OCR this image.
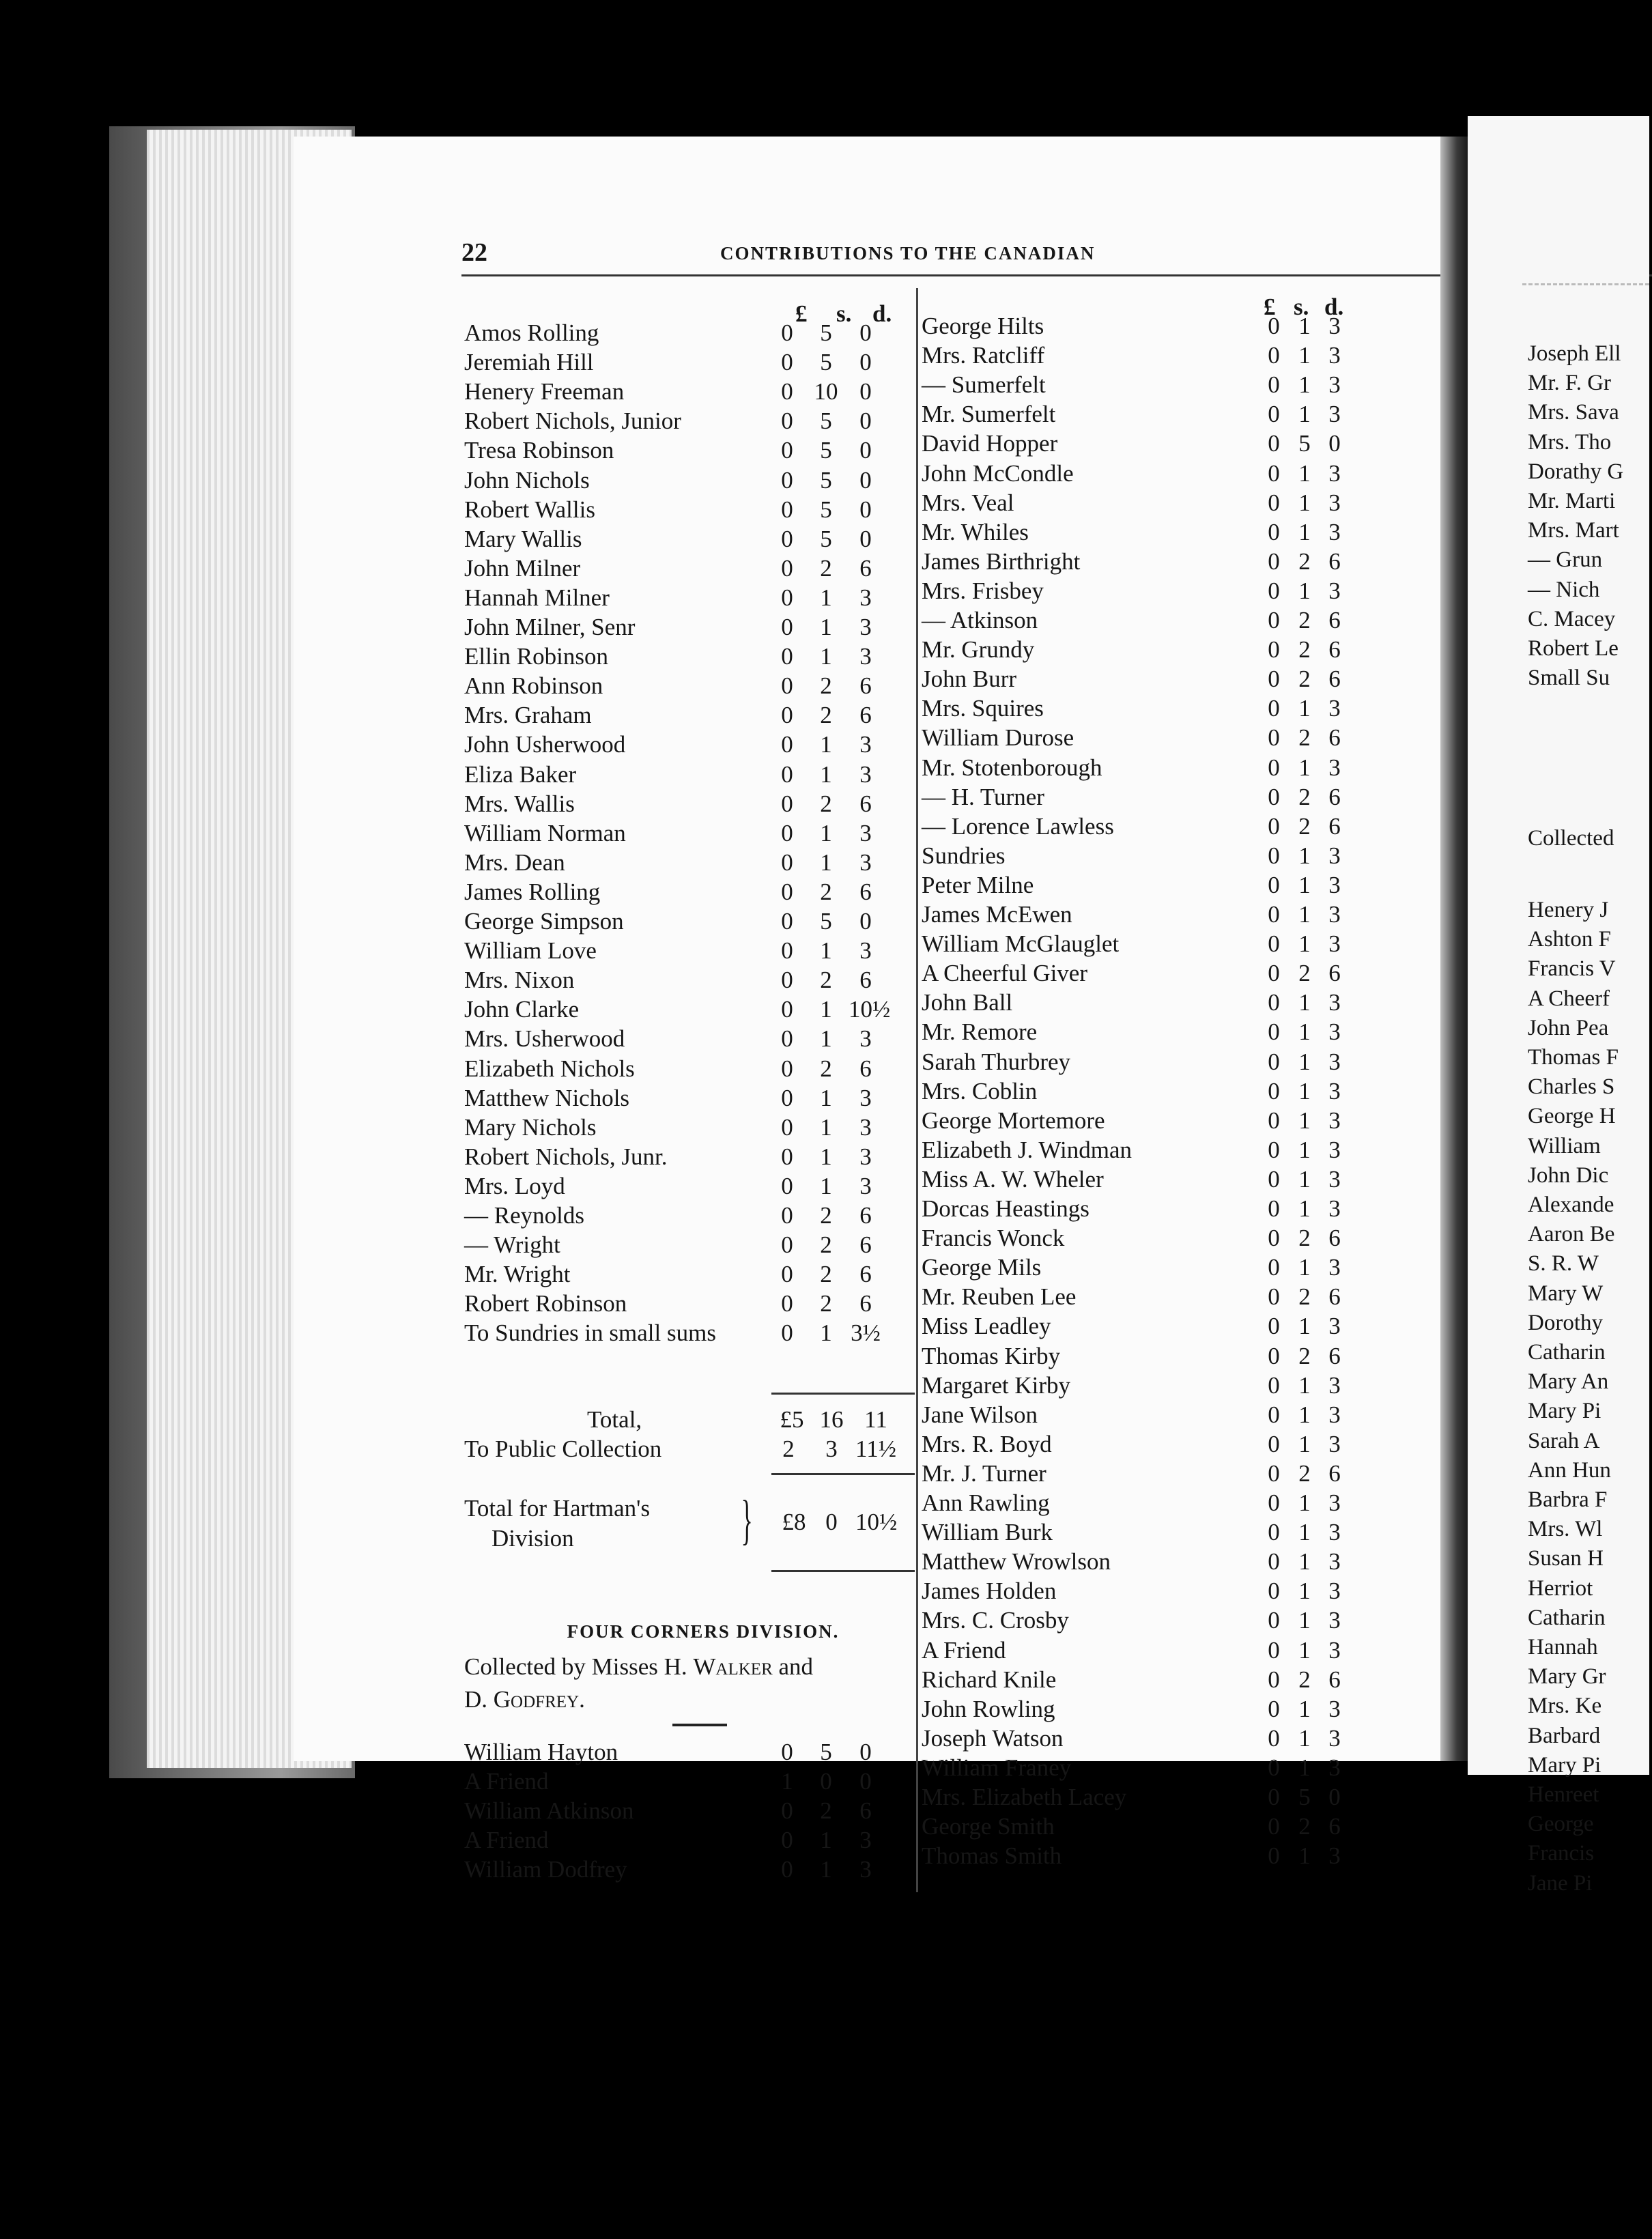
22	CONTRIBUTIONS TO THE CANADIAN
£ s. d.	£ s. d.
Amos Rolling	0	5	0
Jeremiah Hill	0	5	0
Henery Freeman	0 10 0
Robert Nichols, Junior	0	5	0
Tresa Robinson	0	5	0
John Nichols	0	5	0
Robert Wallis	0	5	0
Mary Wallis	0	5	0
John Milner	0	2	6
Hannah Milner	0	1	3
John Milner, Senr	0	1	3
Ellin Robinson	0	1	3
Ann Robinson	0	2	6
Mrs. Graham	0	2	6
John Usherwood	0	1	3
Eliza Baker	0	1	3
Mrs. Wallis	0	2	6
William Norman	0	1	3
Mrs. Dean	0	1	3
James Rolling	0	2	6
George Simpson	0	5	0
William Love	0	1	3
Mrs. Nixon	0	2	6
John Clarke	0	1 10½
Mrs. Usherwood	0	1	3
Elizabeth Nichols	0	2	6
Matthew Nichols	0	1	3
Mary Nichols	0	1	3
Robert Nichols, Junr.	0	1	3
Mrs. Loyd	0	1	3
— Reynolds	0	2	6
— Wright	0	2	6
Mr. Wright	0	2	6
Robert Robinson	0	2	6
To Sundries in small sums	0	1 3½
George Hilts	0 1 3
Mrs. Ratcliff	0 1 3
— Sumerfelt	0 1 3
Mr. Sumerfelt	0 1 3
David Hopper	0 5 0
John McCondle	0 1 3
Mrs. Veal	0 1 3
Mr. Whiles	0 1 3
James Birthright	0 2 6
Mrs. Frisbey	0 1 3
— Atkinson	0 2 6
Mr. Grundy	0 2 6
John Burr	0 2 6
Mrs. Squires	0 1 3
William Durose	0 2 6
Mr. Stotenborough	0 1 3
— H. Turner	0 2 6
— Lorence Lawless	0 2 6
Sundries	0 1 3
Peter Milne	0 1 3
James McEwen	0 1 3
William McGlauglet	0 1 3
A Cheerful Giver	0 2 6
John Ball	0 1 3
Mr. Remore	0 1 3
Sarah Thurbrey	0 1 3
Mrs. Coblin	0 1 3
George Mortemore	0 1 3
Elizabeth J. Windman	0 1 3
Miss A. W. Wheler	0 1 3
Dorcas Heastings	0 1 3
Francis Wonck	0 2 6
George Mils	0 1 3
Mr. Reuben Lee	0 2 6
Miss Leadley	0 1 3
Thomas Kirby	0 2 6
Margaret Kirby	0 1 3
Jane Wilson	0 1 3
Mrs. R. Boyd	0 1 3
Mr. J. Turner	0 2 6
Ann Rawling	0 1 3
William Burk	0 1 3
Matthew Wrowlson	0 1 3
James Holden	0 1 3
Mrs. C. Crosby	0 1 3
A Friend	0 1 3
Richard Knile	0 2 6
John Rowling	0 1 3
Joseph Watson	0 1 3
William Franey	0 1 3
Mrs. Elizabeth Lacey	0 5 0
George Smith	0 2 6
Thomas Smith	0 1 3
Total,	£5 16 11
To Public Collection	2	3 11½
Total for Hartman's
Division	}	£8 0 10½
FOUR CORNERS DIVISION.
Collected by Misses H. Walker and
D. Godfrey.
William Hayton	0	5	0
A Friend	1	0	0
William Atkinson	0	2	6
A Friend	0	1	3
William Dodfrey	0	1	3
Joseph Ell
Mr. F. Gr
Mrs. Sava
Mrs. Tho
Dorathy G
Mr. Marti
Mrs. Mart
— Grun
— Nich
C. Macey
Robert Le
Small Su
Collected
Henery J
Ashton F
Francis V
A Cheerf
John Pea
Thomas F
Charles S
George H
William
John Dic
Alexande
Aaron Be
S. R. W
Mary W
Dorothy
Catharin
Mary An
Mary Pi
Sarah A
Ann Hun
Barbra F
Mrs. Wl
Susan H
Herriot
Catharin
Hannah
Mary Gr
Mrs. Ke
Barbard
Mary Pi
Henreet
George
Francis
Jane Pi
